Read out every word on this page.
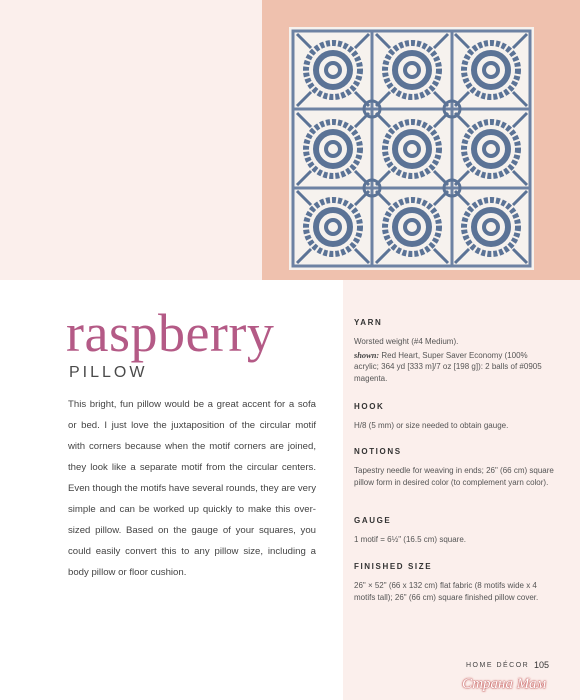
raspberry
PILLOW

This bright, fun pillow would be a great accent for a sofa or bed. I just love the juxtaposition of the circular motif with corners because when the motif corners are joined, they look like a separate motif from the circular centers. Even though the motifs have several rounds, they are very simple and can be worked up quickly to make this over-sized pillow. Based on the gauge of your squares, you could easily convert this to any pillow size, including a body pillow or floor cushion.

YARN

Worsted weight (#4 Medium).

shown: Red Heart, Super Saver Economy (100% acrylic; 364 yd [333 m]/7 oz [198 g]): 2 balls of #0905 magenta.

HOOK

H/8 (5 mm) or size needed to obtain gauge.

NOTIONS

Tapestry needle for weaving in ends; 26" (66 cm) square pillow form in desired color (to complement yarn color).

GAUGE

1 motif = 6½" (16.5 cm) square.

FINISHED SIZE

26" × 52" (66 x 132 cm) flat fabric (8 motifs wide x 4 motifs tall); 26" (66 cm) square finished pillow cover.

HOME DÉCOR 105
Страна Мам
